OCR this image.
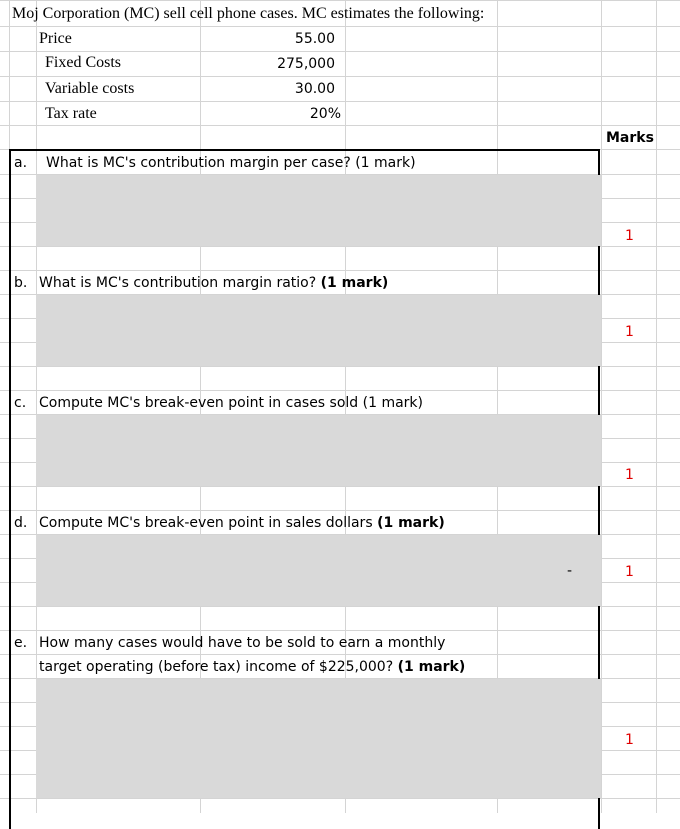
Moj Corporation (MC) sell cell phone cases. MC estimates the following:
Price	55.00
Fixed Costs	275,000
Variable costs	30.00
Tax rate	20%
Marks
-
a. What is MC's contribution margin per case? (1 mark)
1
b. What is MC's contribution margin ratio? (1 mark)
1
c. Compute MC's break-even point in cases sold (1 mark)
1
d. Compute MC's break-even point in sales dollars (1 mark)
1
e. How many cases would have to be sold to earn a monthly
target operating (before tax) income of $225,000? (1 mark)
1
